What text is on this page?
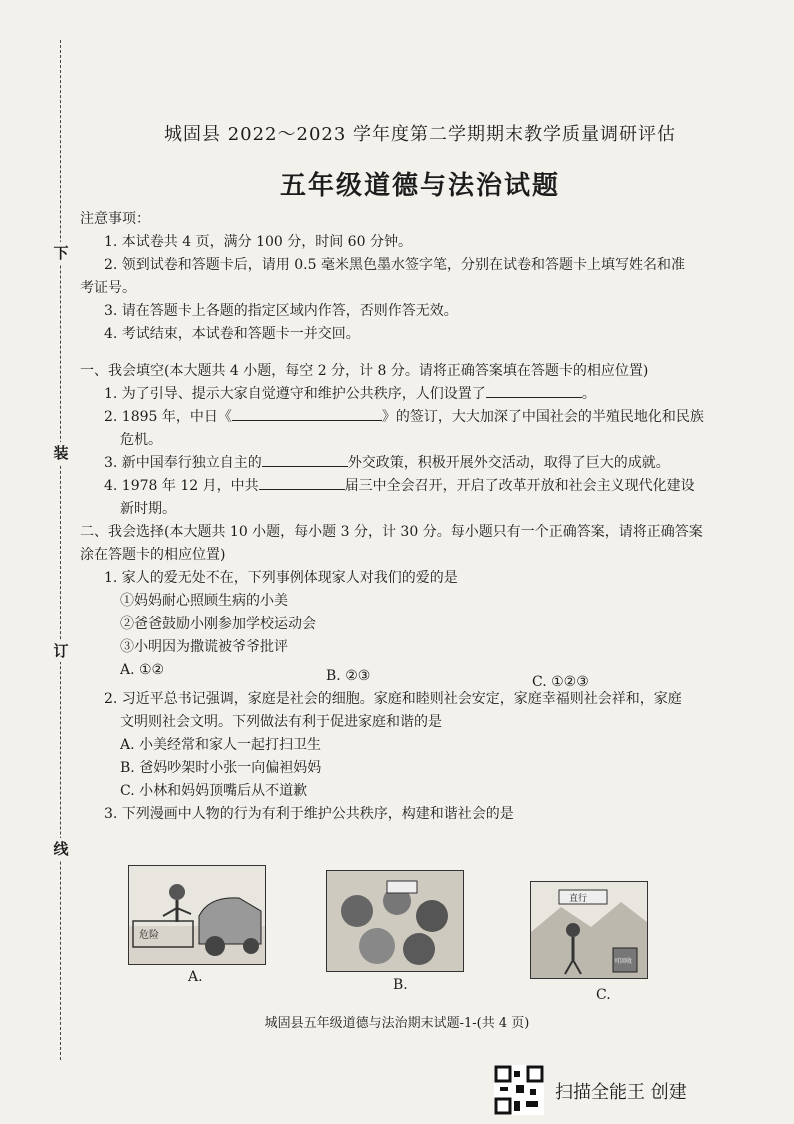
下
装
订
线
城固县 2022～2023 学年度第二学期期末教学质量调研评估
五年级道德与法治试题
注意事项：
1. 本试卷共 4 页，满分 100 分，时间 60 分钟。
2. 领到试卷和答题卡后，请用 0.5 毫米黑色墨水签字笔，分别在试卷和答题卡上填写姓名和准
考证号。
3. 请在答题卡上各题的指定区域内作答，否则作答无效。
4. 考试结束，本试卷和答题卡一并交回。
一、我会填空(本大题共 4 小题，每空 2 分，计 8 分。请将正确答案填在答题卡的相应位置)
1. 为了引导、提示大家自觉遵守和维护公共秩序，人们设置了	。
2. 1895 年，中日《	》的签订，大大加深了中国社会的半殖民地化和民族
危机。
3. 新中国奉行独立自主的	外交政策，积极开展外交活动，取得了巨大的成就。
4. 1978 年 12 月，中共	届三中全会召开，开启了改革开放和社会主义现代化建设
新时期。
二、我会选择(本大题共 10 小题，每小题 3 分，计 30 分。每小题只有一个正确答案，请将正确答案
涂在答题卡的相应位置)
1. 家人的爱无处不在，下列事例体现家人对我们的爱的是
①妈妈耐心照顾生病的小美
②爸爸鼓励小刚参加学校运动会
③小明因为撒谎被爷爷批评
A. ①②	B. ②③	C. ①②③
2. 习近平总书记强调，家庭是社会的细胞。家庭和睦则社会安定，家庭幸福则社会祥和，家庭
文明则社会文明。下列做法有利于促进家庭和谐的是
A. 小美经常和家人一起打扫卫生
B. 爸妈吵架时小张一向偏袒妈妈
C. 小林和妈妈顶嘴后从不道歉
3. 下列漫画中人物的行为有利于维护公共秩序，构建和谐社会的是
危险
A.	B.
直行
可回收
C.
城固县五年级道德与法治期末试题-1-(共 4 页)
扫描全能王 创建
